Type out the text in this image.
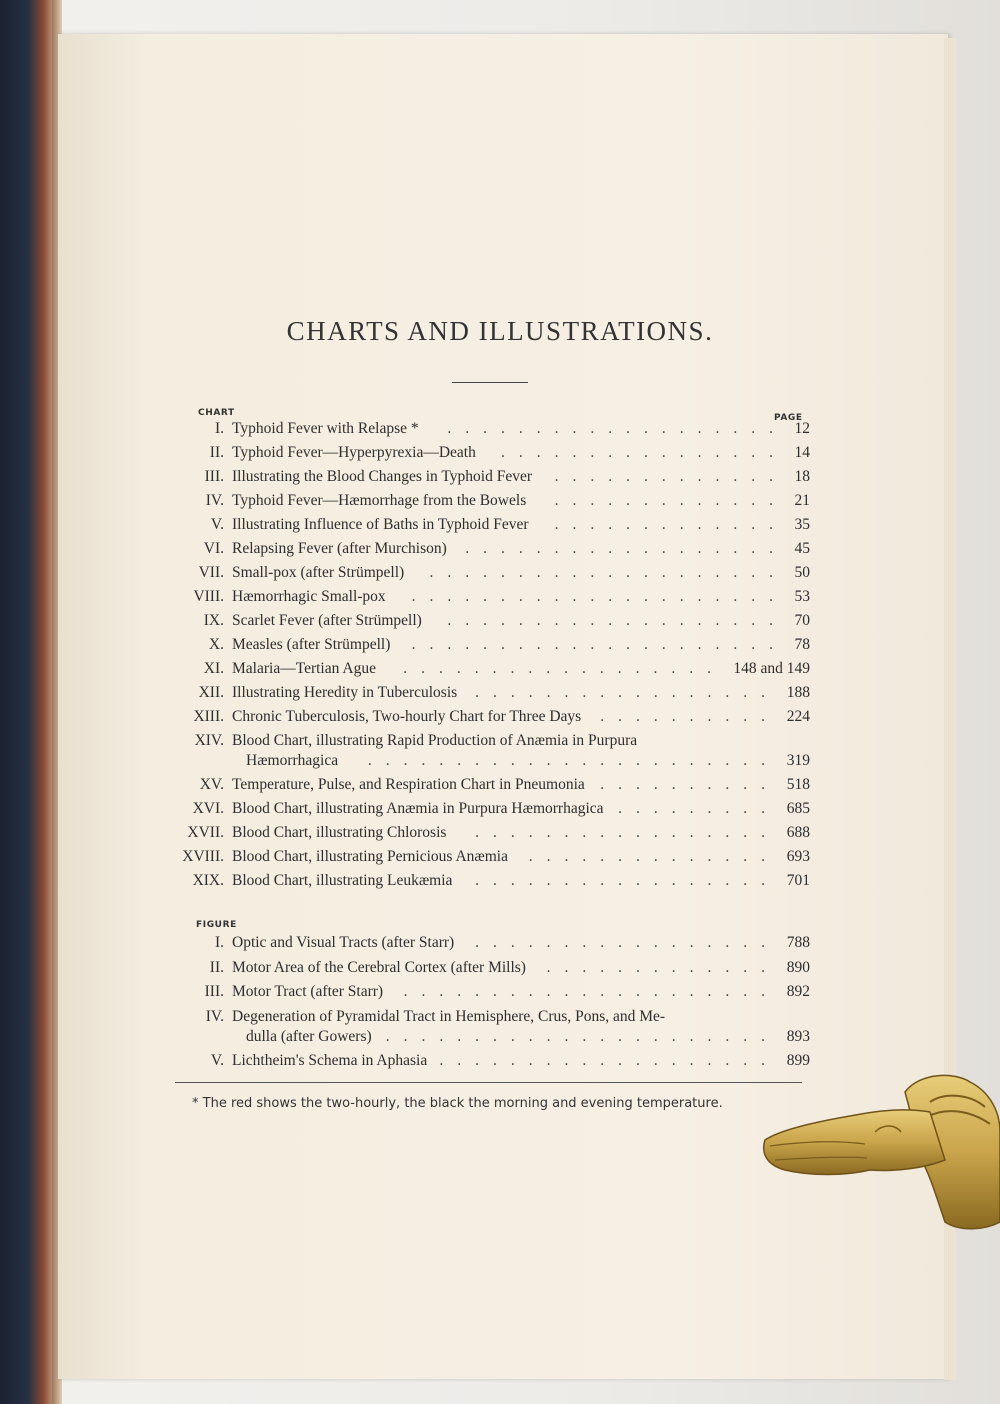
CHARTS AND ILLUSTRATIONS.
CHART	PAGE
I. Typhoid Fever with Relapse *	12
...................
II. Typhoid Fever—Hyperpyrexia—Death	14
................
III. Illustrating the Blood Changes in Typhoid Fever	18
.............
IV. Typhoid Fever—Hæmorrhage from the Bowels	21
.............
V. Illustrating Influence of Baths in Typhoid Fever	35
.............
VI. Relapsing Fever (after Murchison)	45
..................
VII. Small-pox (after Strümpell)	50
....................
VIII. Hæmorrhagic Small-pox	53
.....................
IX. Scarlet Fever (after Strümpell)	70
...................
X. Measles (after Strümpell)	78
.....................
XI. Malaria—Tertian Ague	148 and 149
..................
XII. Illustrating Heredity in Tuberculosis	188
.................
XIII. Chronic Tuberculosis, Two-hourly Chart for Three Days	224
..........
XIV. Blood Chart, illustrating Rapid Production of Anæmia in Purpura
Hæmorrhagica	319
.......................
XV. Temperature, Pulse, and Respiration Chart in Pneumonia	518
..........
XVI. Blood Chart, illustrating Anæmia in Purpura Hæmorrhagica	685
.........
XVII. Blood Chart, illustrating Chlorosis	688
.................
XVIII. Blood Chart, illustrating Pernicious Anæmia	693
..............
XIX. Blood Chart, illustrating Leukæmia	701
.................
FIGURE
I. Optic and Visual Tracts (after Starr)	788
.................
II. Motor Area of the Cerebral Cortex (after Mills)	890
.............
III. Motor Tract (after Starr)	892
.....................
IV. Degeneration of Pyramidal Tract in Hemisphere, Crus, Pons, and Me-
dulla (after Gowers)	893
......................
V. Lichtheim's Schema in Aphasia	899
...................
* The red shows the two-hourly, the black the morning and evening temperature.
